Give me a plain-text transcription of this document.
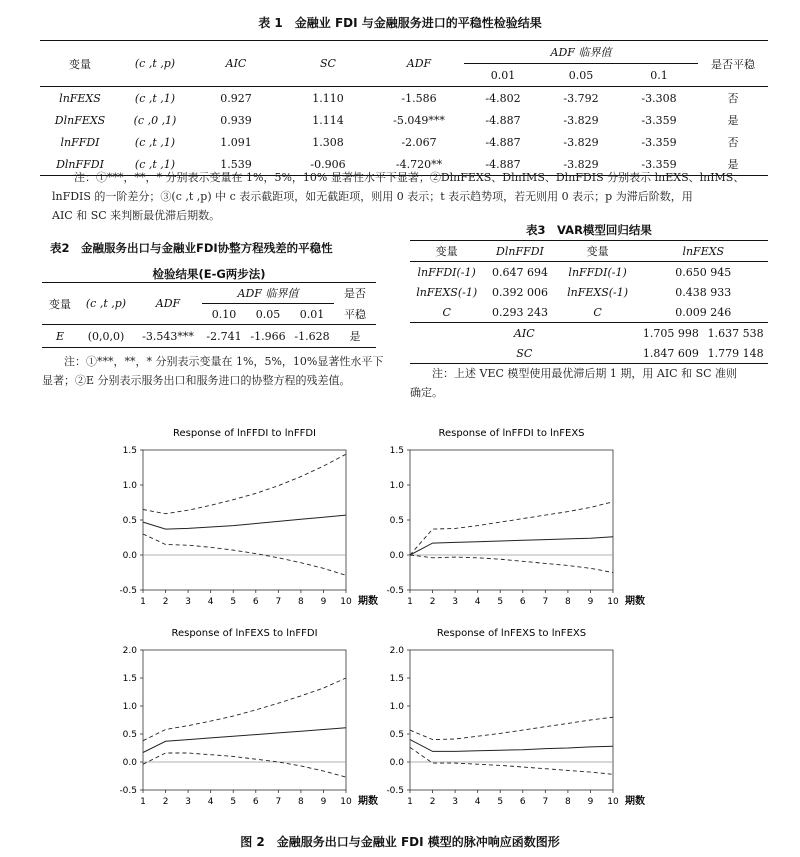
表 1　金融业 FDI 与金融服务进口的平稳性检验结果
变量	(c ,t ,p)	AIC	SC	ADF	ADF 临界值			是否平稳
					0.01	0.05	0.1	
lnFEXS	(c ,t ,1)	0.927	1.110	-1.586	-4.802	-3.792	-3.308	否
DlnFEXS	(c ,0 ,1)	0.939	1.114	-5.049***	-4.887	-3.829	-3.359	是
lnFFDI	(c ,t ,1)	1.091	1.308	-2.067	-4.887	-3.829	-3.359	否
DlnFFDI	(c ,t ,1)	1.539	-0.906	-4.720**	-4.887	-3.829	-3.359	是
注：①***，**，* 分别表示变量在 1%，5%，10% 显著性水平下显著；②DlnFEXS、DlnIMS、DlnFDIS 分别表示 lnEXS、lnIMS、
lnFDIS 的一阶差分；③(c ,t ,p) 中 c 表示截距项，如无截距项，则用 0 表示；t 表示趋势项，若无则用 0 表示；p 为滞后阶数，用
AIC 和 SC 来判断最优滞后期数。
表2　金融服务出口与金融业FDI协整方程残差的平稳性
检验结果(E-G两步法)
变量	(c ,t ,p)	ADF	ADF 临界值			是否
			0.10	0.05	0.01	平稳
E	(0,0,0)	-3.543***	-2.741	-1.966	-1.628	是
注：①***，**，* 分别表示变量在 1%，5%，10%显著性水平下
显著；②E 分别表示服务出口和服务进口的协整方程的残差值。
表3　VAR模型回归结果
变量	DlnFFDI	变量	lnFEXS	
lnFFDI(-1)	0.647 694	lnFFDI(-1)	0.650 945	
lnFEXS(-1)	0.392 006	lnFEXS(-1)	0.438 933	
C	0.293 243	C	0.009 246	
AIC			1.705 998	1.637 538
SC			1.847 609	1.779 148
注：上述 VEC 模型使用最优滞后期 1 期，用 AIC 和 SC 准则
确定。
Response of lnFFDI to lnFFDI
-0.5
0.0
0.5
1.0
1.5
1 2 3 4 5 6 7 8 9 10 期数
Response of lnFFDI to lnFEXS
-0.5
0.0
0.5
1.0
1.5
1 2 3 4 5 6 7 8 9 10 期数
Response of lnFEXS to lnFFDI
-0.5
0.0
0.5
1.0
1.5
2.0
1 2 3 4 5 6 7 8 9 10 期数
Response of lnFEXS to lnFEXS
-0.5
0.0
0.5
1.0
1.5
2.0
1 2 3 4 5 6 7 8 9 10 期数
图 2　金融服务出口与金融业 FDI 模型的脉冲响应函数图形
